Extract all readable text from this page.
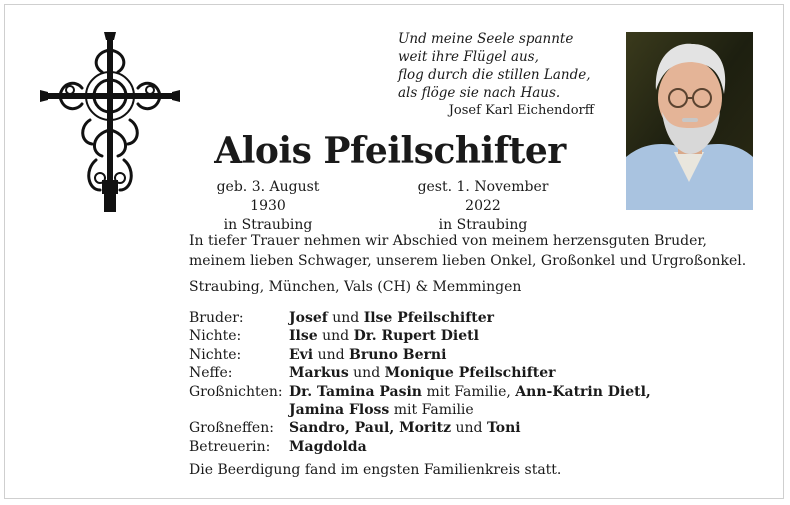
Und meine Seele spannte
weit ihre Flügel aus,
flog durch die stillen Lande,
als flöge sie nach Haus.
Josef Karl Eichendorff
Alois Pfeilschifter
geb. 3. August 1930
in Straubing
gest. 1. November 2022
in Straubing
In tiefer Trauer nehmen wir Abschied von meinem herzensguten Bruder, meinem lieben Schwager, unserem lieben Onkel, Großonkel und Urgroßonkel.
Straubing, München, Vals (CH) & Memmingen
Bruder:	Josef und Ilse Pfeilschifter
Nichte:	Ilse und Dr. Rupert Dietl
Nichte:	Evi und Bruno Berni
Neffe:	Markus und Monique Pfeilschifter
Großnichten:	Dr. Tamina Pasin mit Familie, Ann-Katrin Dietl,
Jamina Floss mit Familie
Großneffen:	Sandro, Paul, Moritz und Toni
Betreuerin:	Magdolda
Die Beerdigung fand im engsten Familienkreis statt.
